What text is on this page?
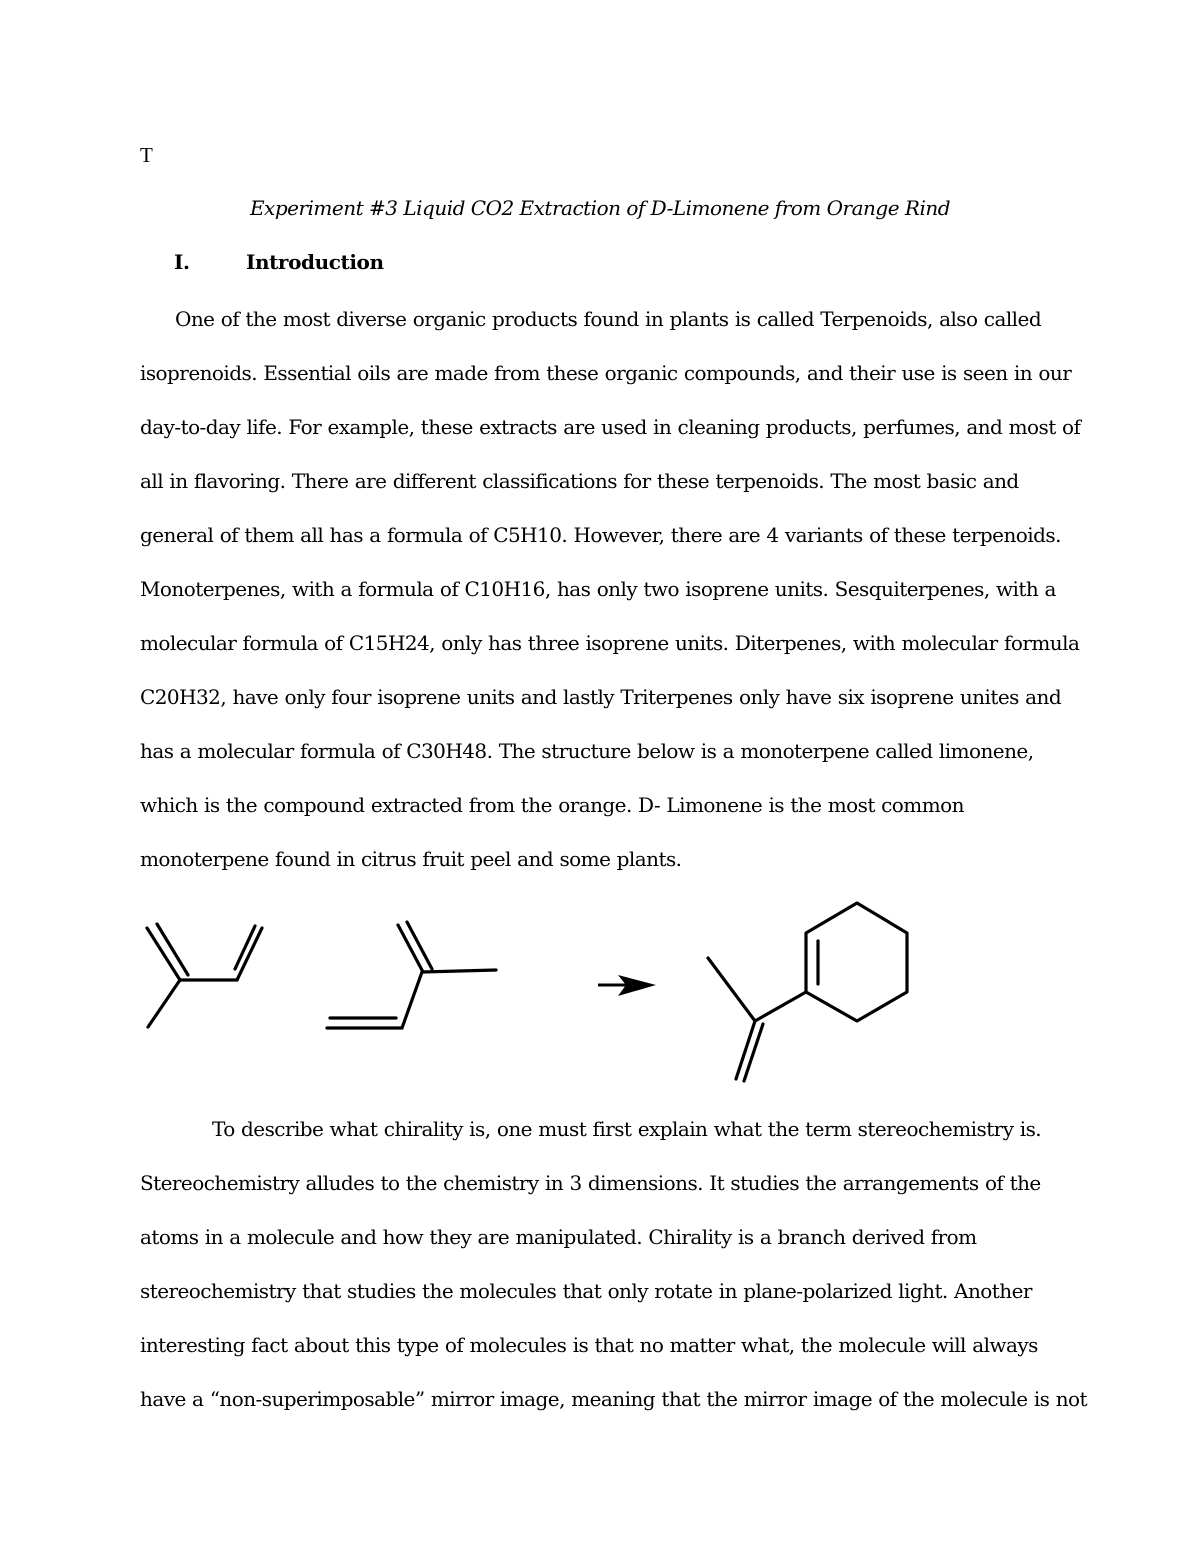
T
Experiment #3 Liquid CO2 Extraction of D-Limonene from Orange Rind
I.	Introduction
One of the most diverse organic products found in plants is called Terpenoids, also called
isoprenoids. Essential oils are made from these organic compounds, and their use is seen in our
day-to-day life. For example, these extracts are used in cleaning products, perfumes, and most of
all in flavoring. There are different classifications for these terpenoids. The most basic and
general of them all has a formula of C5H10. However, there are 4 variants of these terpenoids.
Monoterpenes, with a formula of C10H16, has only two isoprene units. Sesquiterpenes, with a
molecular formula of C15H24, only has three isoprene units. Diterpenes, with molecular formula
C20H32, have only four isoprene units and lastly Triterpenes only have six isoprene unites and
has a molecular formula of C30H48. The structure below is a monoterpene called limonene,
which is the compound extracted from the orange. D- Limonene is the most common
monoterpene found in citrus fruit peel and some plants.
To describe what chirality is, one must first explain what the term stereochemistry is.
Stereochemistry alludes to the chemistry in 3 dimensions. It studies the arrangements of the
atoms in a molecule and how they are manipulated. Chirality is a branch derived from
stereochemistry that studies the molecules that only rotate in plane-polarized light. Another
interesting fact about this type of molecules is that no matter what, the molecule will always
have a “non-superimposable” mirror image, meaning that the mirror image of the molecule is not
